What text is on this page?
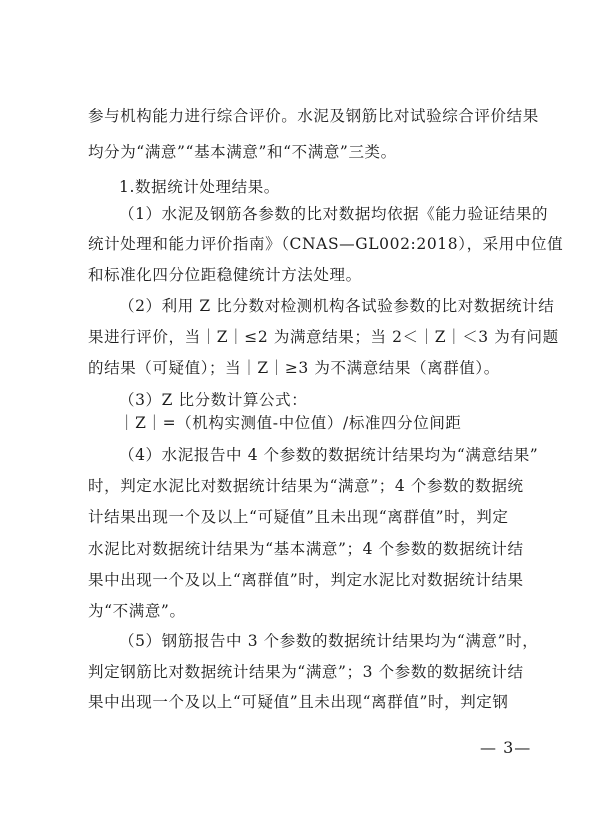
参与机构能力进行综合评价。水泥及钢筋比对试验综合评价结果
均分为“满意”“基本满意”和“不满意”三类。
1.数据统计处理结果。
（1）水泥及钢筋各参数的比对数据均依据《能力验证结果的
统计处理和能力评价指南》（CNAS—GL002:2018），采用中位值
和标准化四分位距稳健统计方法处理。
（2）利用 Z 比分数对检测机构各试验参数的比对数据统计结
果进行评价，当｜Z｜≤2 为满意结果；当 2＜｜Z｜＜3 为有问题
的结果（可疑值）；当｜Z｜≥3 为不满意结果（离群值）。
（3）Z 比分数计算公式：
｜Z｜=（机构实测值-中位值）/标准四分位间距
（4）水泥报告中 4 个参数的数据统计结果均为“满意结果”
时，判定水泥比对数据统计结果为“满意”；4 个参数的数据统
计结果出现一个及以上“可疑值”且未出现“离群值”时，判定
水泥比对数据统计结果为“基本满意”；4 个参数的数据统计结
果中出现一个及以上“离群值”时，判定水泥比对数据统计结果
为“不满意”。
（5）钢筋报告中 3 个参数的数据统计结果均为“满意”时，
判定钢筋比对数据统计结果为“满意”；3 个参数的数据统计结
果中出现一个及以上“可疑值”且未出现“离群值”时，判定钢
— 3—
